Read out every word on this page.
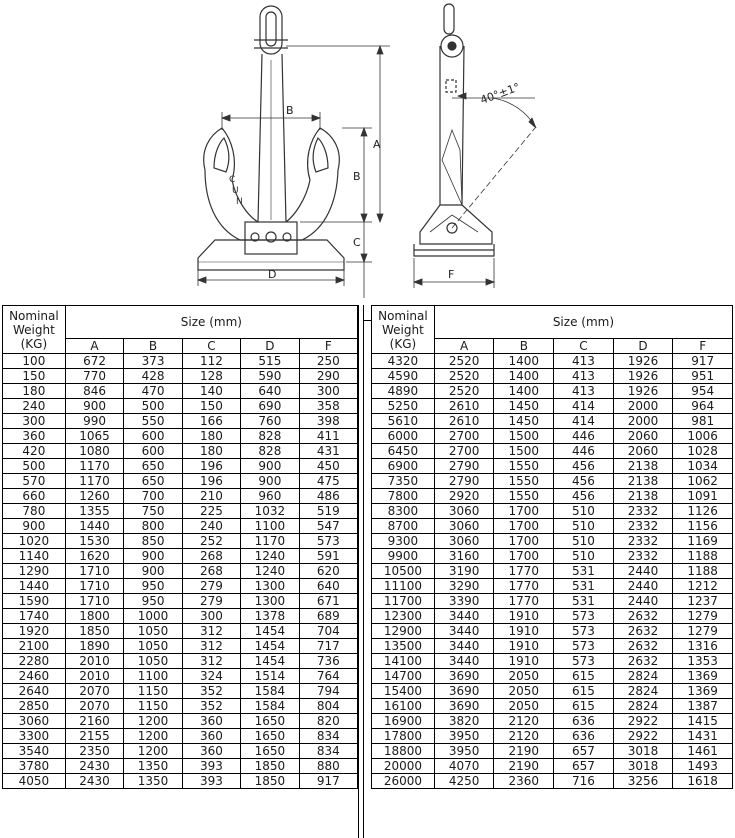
C
U
N
B
A
B
C
D
40°±1°
F
Nominal
Weight
(KG)	Size (mm)				
	A	B	C	D	F
100	672	373	112	515	250
150	770	428	128	590	290
180	846	470	140	640	300
240	900	500	150	690	358
300	990	550	166	760	398
360	1065	600	180	828	411
420	1080	600	180	828	431
500	1170	650	196	900	450
570	1170	650	196	900	475
660	1260	700	210	960	486
780	1355	750	225	1032	519
900	1440	800	240	1100	547
1020	1530	850	252	1170	573
1140	1620	900	268	1240	591
1290	1710	900	268	1240	620
1440	1710	950	279	1300	640
1590	1710	950	279	1300	671
1740	1800	1000	300	1378	689
1920	1850	1050	312	1454	704
2100	1890	1050	312	1454	717
2280	2010	1050	312	1454	736
2460	2010	1100	324	1514	764
2640	2070	1150	352	1584	794
2850	2070	1150	352	1584	804
3060	2160	1200	360	1650	820
3300	2155	1200	360	1650	834
3540	2350	1200	360	1650	834
3780	2430	1350	393	1850	880
4050	2430	1350	393	1850	917
Nominal
Weight
(KG)	Size (mm)				
	A	B	C	D	F
4320	2520	1400	413	1926	917
4590	2520	1400	413	1926	951
4890	2520	1400	413	1926	954
5250	2610	1450	414	2000	964
5610	2610	1450	414	2000	981
6000	2700	1500	446	2060	1006
6450	2700	1500	446	2060	1028
6900	2790	1550	456	2138	1034
7350	2790	1550	456	2138	1062
7800	2920	1550	456	2138	1091
8300	3060	1700	510	2332	1126
8700	3060	1700	510	2332	1156
9300	3060	1700	510	2332	1169
9900	3160	1700	510	2332	1188
10500	3190	1770	531	2440	1188
11100	3290	1770	531	2440	1212
11700	3390	1770	531	2440	1237
12300	3440	1910	573	2632	1279
12900	3440	1910	573	2632	1279
13500	3440	1910	573	2632	1316
14100	3440	1910	573	2632	1353
14700	3690	2050	615	2824	1369
15400	3690	2050	615	2824	1369
16100	3690	2050	615	2824	1387
16900	3820	2120	636	2922	1415
17800	3950	2120	636	2922	1431
18800	3950	2190	657	3018	1461
20000	4070	2190	657	3018	1493
26000	4250	2360	716	3256	1618
